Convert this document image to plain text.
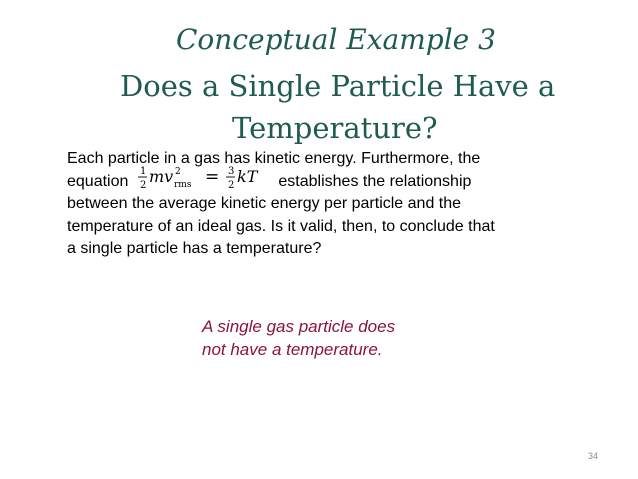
Conceptual Example 3
Does a Single Particle Have a
Temperature?
Each particle in a gas has kinetic energy. Furthermore, the
equation
1
2 mv 2
rms = 3
2 kT establishes the relationship
between the average kinetic energy per particle and the
temperature of an ideal gas. Is it valid, then, to conclude that
a single particle has a temperature?
A single gas particle does
not have a temperature.
34
